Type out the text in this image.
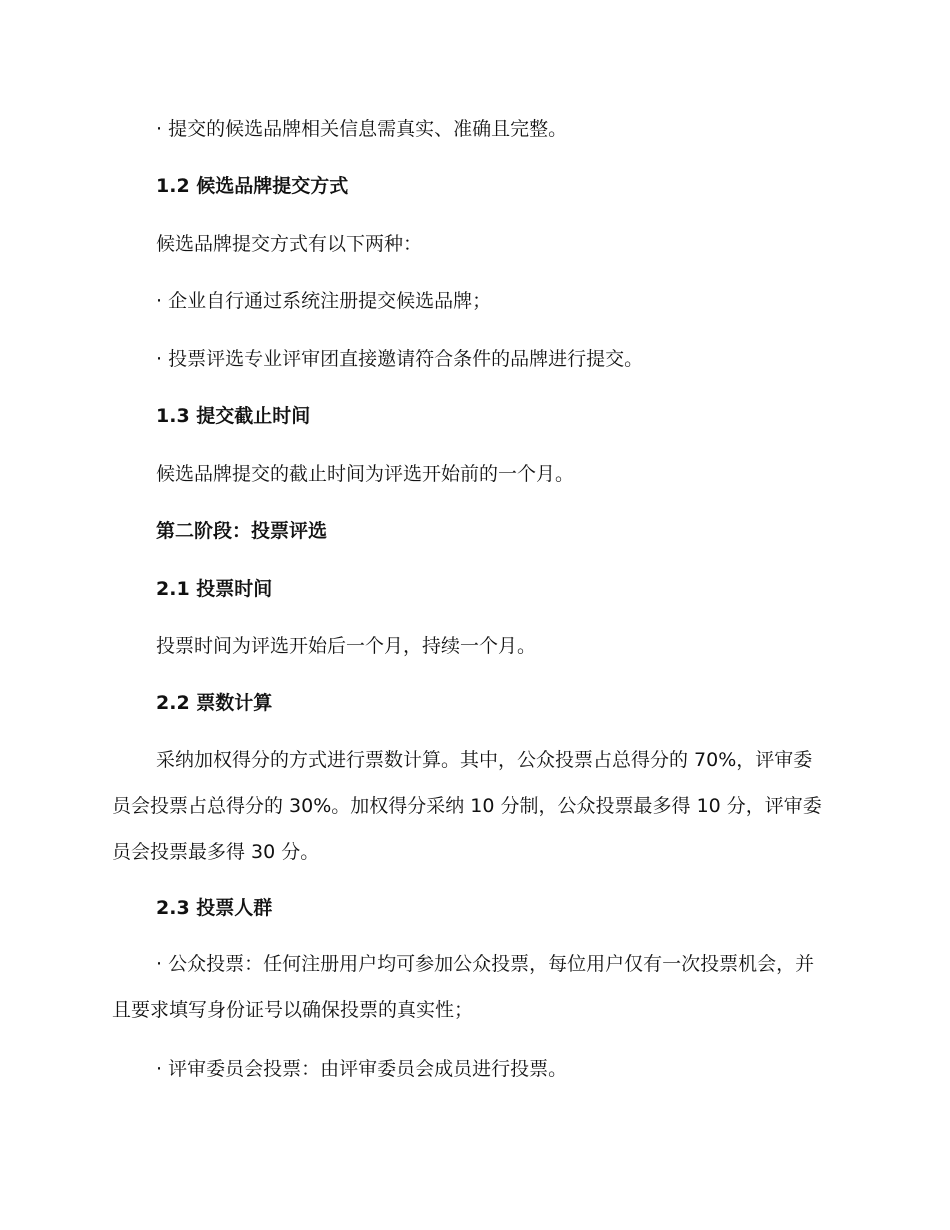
· 提交的候选品牌相关信息需真实、准确且完整。
1.2 候选品牌提交方式
候选品牌提交方式有以下两种：
· 企业自行通过系统注册提交候选品牌；
· 投票评选专业评审团直接邀请符合条件的品牌进行提交。
1.3 提交截止时间
候选品牌提交的截止时间为评选开始前的一个月。
第二阶段：投票评选
2.1 投票时间
投票时间为评选开始后一个月，持续一个月。
2.2 票数计算
采纳加权得分的方式进行票数计算。其中，公众投票占总得分的 70%，评审委员会投票占总得分的 30%。加权得分采纳 10 分制，公众投票最多得 10 分，评审委员会投票最多得 30 分。
2.3 投票人群
· 公众投票：任何注册用户均可参加公众投票，每位用户仅有一次投票机会，并且要求填写身份证号以确保投票的真实性；
· 评审委员会投票：由评审委员会成员进行投票。
